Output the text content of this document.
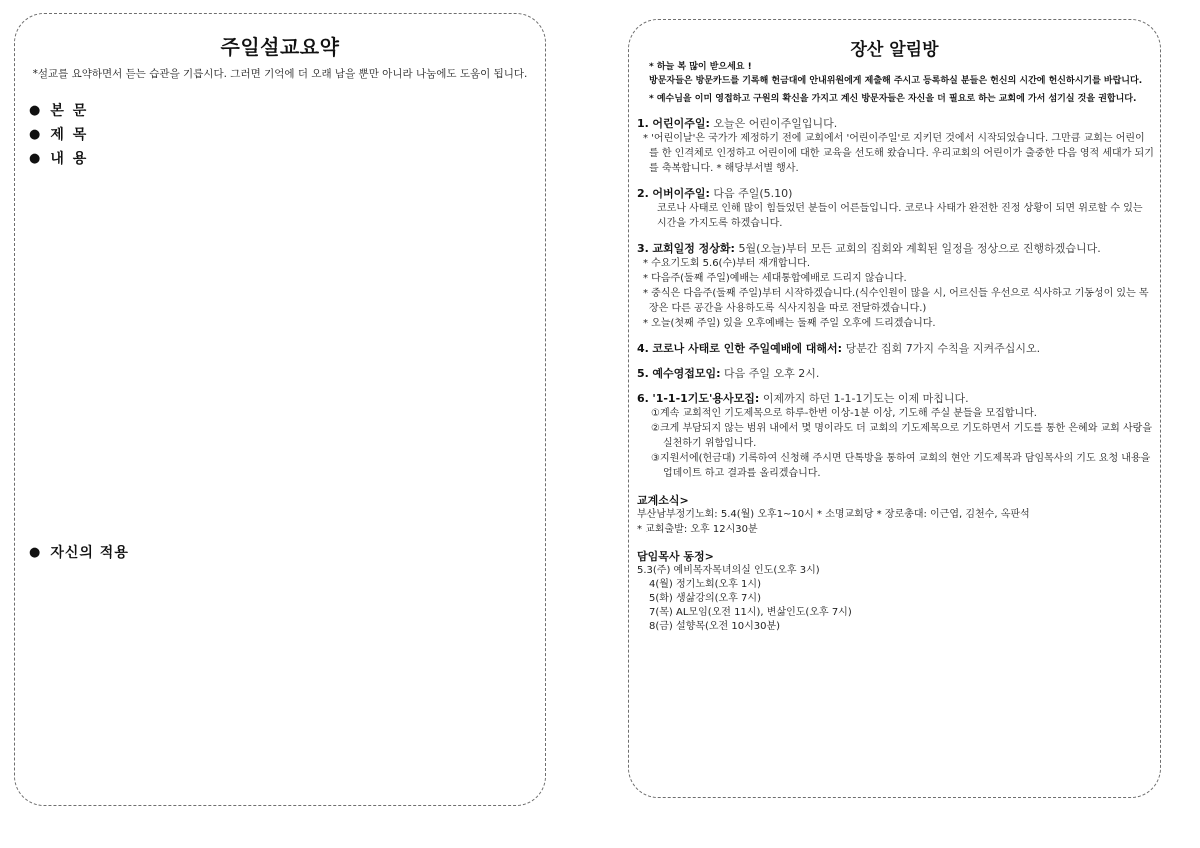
주일설교요약
*설교를 요약하면서 듣는 습관을 기릅시다. 그러면 기억에 더 오래 남을 뿐만 아니라 나눔에도 도움이 됩니다.
● 본 문
● 제 목
● 내 용
● 자신의 적용
장산 알림방
* 하늘 복 많이 받으세요 !
방문자들은 방문카드를 기록해 헌금대에 안내위원에게 제출해 주시고 등록하실 분들은 헌신의 시간에 헌신하시기를 바랍니다.
* 예수님을 이미 영접하고 구원의 확신을 가지고 계신 방문자들은 자신을 더 필요로 하는 교회에 가서 섬기실 것을 권합니다.
1. 어린이주일: 오늘은 어린이주일입니다.
* '어린이날'은 국가가 제정하기 전에 교회에서 '어린이주일'로 지키던 것에서 시작되었습니다. 그만큼 교회는 어린이를 한 인격체로 인정하고 어린이에 대한 교육을 선도해 왔습니다. 우리교회의 어린이가 출중한 다음 영적 세대가 되기를 축복합니다. * 해당부서별 행사.
2. 어버이주일: 다음 주일(5.10)
코로나 사태로 인해 많이 힘들었던 분들이 어른들입니다. 코로나 사태가 완전한 진정 상황이 되면 위로할 수 있는 시간을 가지도록 하겠습니다.
3. 교회일정 정상화: 5월(오늘)부터 모든 교회의 집회와 계획된 일정을 정상으로 진행하겠습니다.
* 수요기도회 5.6(수)부터 재개합니다.
* 다음주(둘째 주일)예배는 세대통합예배로 드리지 않습니다.
* 중식은 다음주(둘째 주일)부터 시작하겠습니다.(식수인원이 많을 시, 어르신들 우선으로 식사하고 기동성이 있는 목장은 다른 공간을 사용하도록 식사지침을 따로 전달하겠습니다.)
* 오늘(첫째 주일) 있을 오후예배는 둘째 주일 오후에 드리겠습니다.
4. 코로나 사태로 인한 주일예배에 대해서: 당분간 집회 7가지 수칙을 지켜주십시오.
5. 예수영접모임: 다음 주일 오후 2시.
6. '1-1-1기도'용사모집: 이제까지 하던 1-1-1기도는 이제 마칩니다.
①계속 교회적인 기도제목으로 하루-한번 이상-1분 이상, 기도해 주실 분들을 모집합니다.
②크게 부담되지 않는 범위 내에서 몇 명이라도 더 교회의 기도제목으로 기도하면서 기도를 통한 은혜와 교회 사랑을 실천하기 위함입니다.
③지원서에(헌금대) 기록하여 신청해 주시면 단톡방을 통하여 교회의 현안 기도제목과 담임목사의 기도 요청 내용을 업데이트 하고 결과를 올리겠습니다.
교계소식>
부산남부정기노회: 5.4(월) 오후1~10시 * 소명교회당 * 장로총대: 이근엽, 김천수, 옥판석
* 교회출발: 오후 12시30분
담임목사 동정>
5.3(주) 예비목자목녀의실 인도(오후 3시)
4(월) 정기노회(오후 1시)
5(화) 생삶강의(오후 7시)
7(목) AL모임(오전 11시), 변삶인도(오후 7시)
8(금) 설향목(오전 10시30분)
